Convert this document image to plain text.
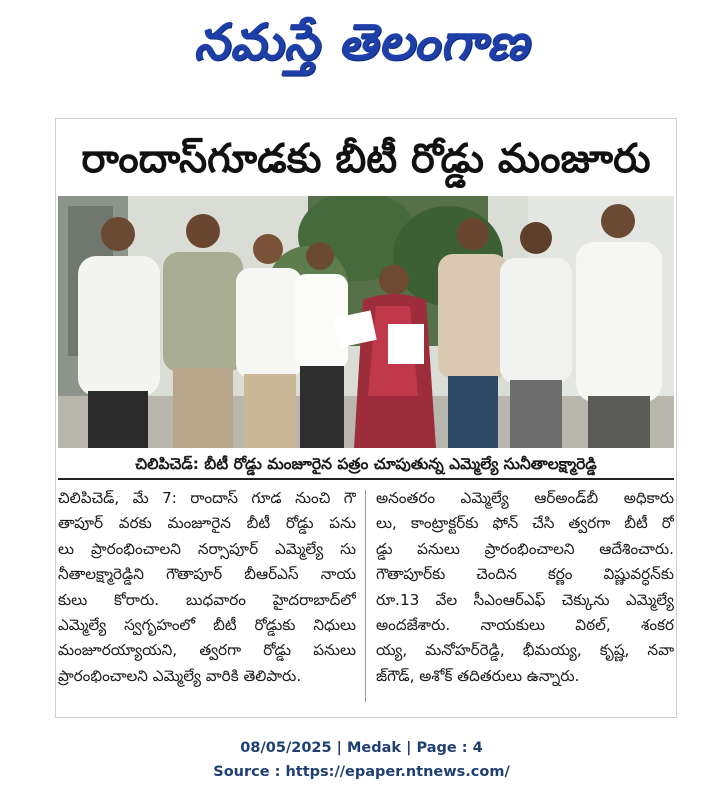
నమస్తే తెలంగాణ
రాందాస్‌గూడకు బీటీ రోడ్డు మంజూరు
చిలిపిచెడ్‌: బీటీ రోడ్డు మంజూరైన పత్రం చూపుతున్న ఎమ్మెల్యే సునీతాలక్ష్మారెడ్డి
చిలిపిచెడ్, మే 7: రాందాస్ గూడ నుంచి గౌ
తాపూర్ వరకు మంజూరైన బీటీ రోడ్డు పను
లు ప్రారంభించాలని నర్సాపూర్ ఎమ్మెల్యే సు
నీతాలక్ష్మారెడ్డిని గౌతాపూర్ బీఆర్ఎస్ నాయ
కులు కోరారు. బుధవారం హైదరాబాద్‌లో
ఎమ్మెల్యే స్వగృహంలో బీటీ రోడ్డుకు నిధులు
మంజూరయ్యాయని, త్వరగా రోడ్డు పనులు
ప్రారంభించాలని ఎమ్మెల్యే వారికి తెలిపారు.
అనంతరం ఎమ్మెల్యే ఆర్‌అండ్‌బీ అధికారు
లు, కాంట్రాక్టర్‌కు ఫోన్ చేసి త్వరగా బీటీ రో
డ్డు పనులు ప్రారంభించాలని ఆదేశించారు.
గౌతాపూర్‌కు చెందిన కర్ణం విష్ణువర్ధన్‌కు
రూ.13 వేల సీఎంఆర్ఎఫ్ చెక్కును ఎమ్మెల్యే
అందజేశారు. నాయకులు విఠల్, శంకర
య్య, మనోహర్‌రెడ్డి, భీమయ్య, కృష్ణ, నవా
జ్‌గౌడ్, అశోక్ తదితరులు ఉన్నారు.
08/05/2025 | Medak | Page : 4
Source : https://epaper.ntnews.com/
